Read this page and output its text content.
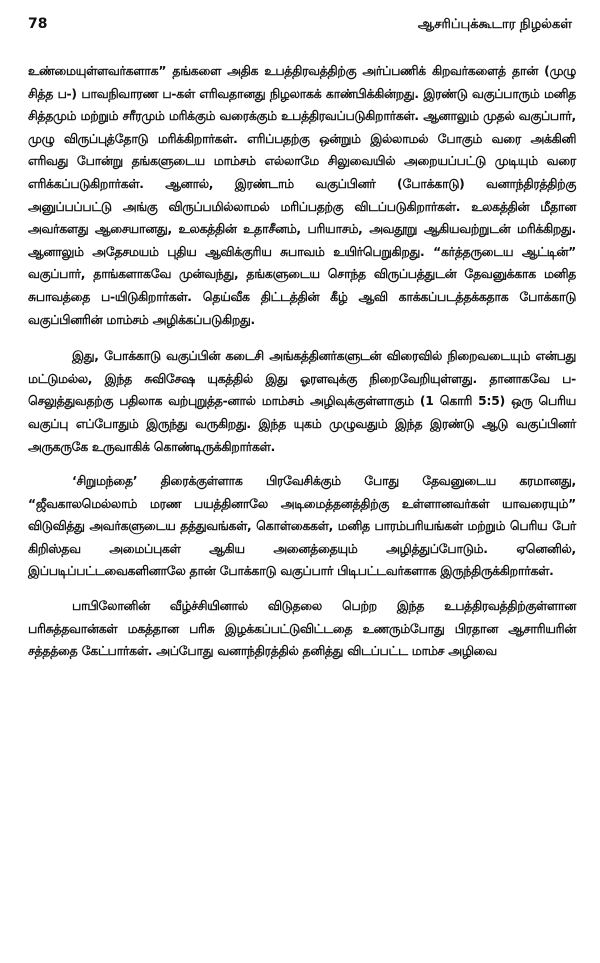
78	ஆசரிப்புக்கூடார நிழல்கள்

உண்மையுள்ளவர்களாக” தங்களை அதிக உபத்திரவத்திற்கு அர்ப்பணிக் கிறவர்களைத் தான் (முழு சித்த ப-) பாவநிவாரண ப-கள் எரிவதானது நிழலாகக் காண்பிக்கின்றது. இரண்டு வகுப்பாரும் மனித சித்தமும் மற்றும் சரீரமும் மரிக்கும் வரைக்கும் உபத்திரவப்படுகிறார்கள். ஆனாலும் முதல் வகுப்பார், முழு விருப்புத்தோடு மரிக்கிறார்கள். எரிப்பதற்கு ஒன்றும் இல்லாமல் போகும் வரை அக்கினி எரிவது போன்று தங்களுடைய மாம்சம் எல்லாமே சிலுவையில் அறையப்பட்டு முடியும் வரை எரிக்கப்படுகிறார்கள். ஆனால், இரண்டாம் வகுப்பினர் (போக்காடு) வனாந்திரத்திற்கு அனுப்பப்பட்டு அங்கு விருப்பமில்லாமல் மரிப்பதற்கு விடப்படுகிறார்கள். உலகத்தின் மீதான அவர்களது ஆசையானது, உலகத்தின் உதாசீனம், பரியாசம், அவதூறு ஆகியவற்றுடன் மரிக்கிறது. ஆனாலும் அதேசமயம் புதிய ஆவிக்குரிய சுபாவம் உயிர்பெறுகிறது. “கர்த்தருடைய ஆட்டின்” வகுப்பார், தாங்களாகவே முன்வந்து, தங்களுடைய சொந்த விருப்பத்துடன் தேவனுக்காக மனித சுபாவத்தை ப-யிடுகிறார்கள். தெய்வீக திட்டத்தின் கீழ் ஆவி காக்கப்படத்தக்கதாக போக்காடு வகுப்பினரின் மாம்சம் அழிக்கப்படுகிறது.

இது, போக்காடு வகுப்பின் கடைசி அங்கத்தினர்களுடன் விரைவில் நிறைவடையும் என்பது மட்டுமல்ல, இந்த சுவிசேஷ யுகத்தில் இது ஓரளவுக்கு நிறைவேறியுள்ளது. தானாகவே ப-செலுத்துவதற்கு பதிலாக வற்புறுத்த-னால் மாம்சம் அழிவுக்குள்ளாகும் (1 கொரி 5:5) ஒரு பெரிய வகுப்பு எப்போதும் இருந்து வருகிறது. இந்த யுகம் முழுவதும் இந்த இரண்டு ஆடு வகுப்பினர் அருகருகே உருவாகிக் கொண்டிருக்கிறார்கள்.

‘சிறுமந்தை’ திரைக்குள்ளாக பிரவேசிக்கும் போது தேவனுடைய கரமானது, “ஜீவகாலமெல்லாம் மரண பயத்தினாலே அடிமைத்தனத்திற்கு உள்ளானவர்கள் யாவரையும்” விடுவித்து அவர்களுடைய தத்துவங்கள், கொள்கைகள், மனித பாரம்பரியங்கள் மற்றும் பெரிய பேர் கிறிஸ்தவ அமைப்புகள் ஆகிய அனைத்தையும் அழித்துப்போடும். ஏனெனில், இப்படிப்பட்டவைகளினாலே தான் போக்காடு வகுப்பார் பிடிபட்டவர்களாக இருந்திருக்கிறார்கள்.

பாபிலோனின் வீழ்ச்சியினால் விடுதலை பெற்ற இந்த உபத்திரவத்திற்குள்ளான பரிசுத்தவான்கள் மகத்தான பரிசு இழக்கப்பட்டுவிட்டதை உணரும்போது பிரதான ஆசாரியரின் சத்தத்தை கேட்பார்கள். அப்போது வனாந்திரத்தில் தனித்து விடப்பட்ட மாம்ச அழிவை
